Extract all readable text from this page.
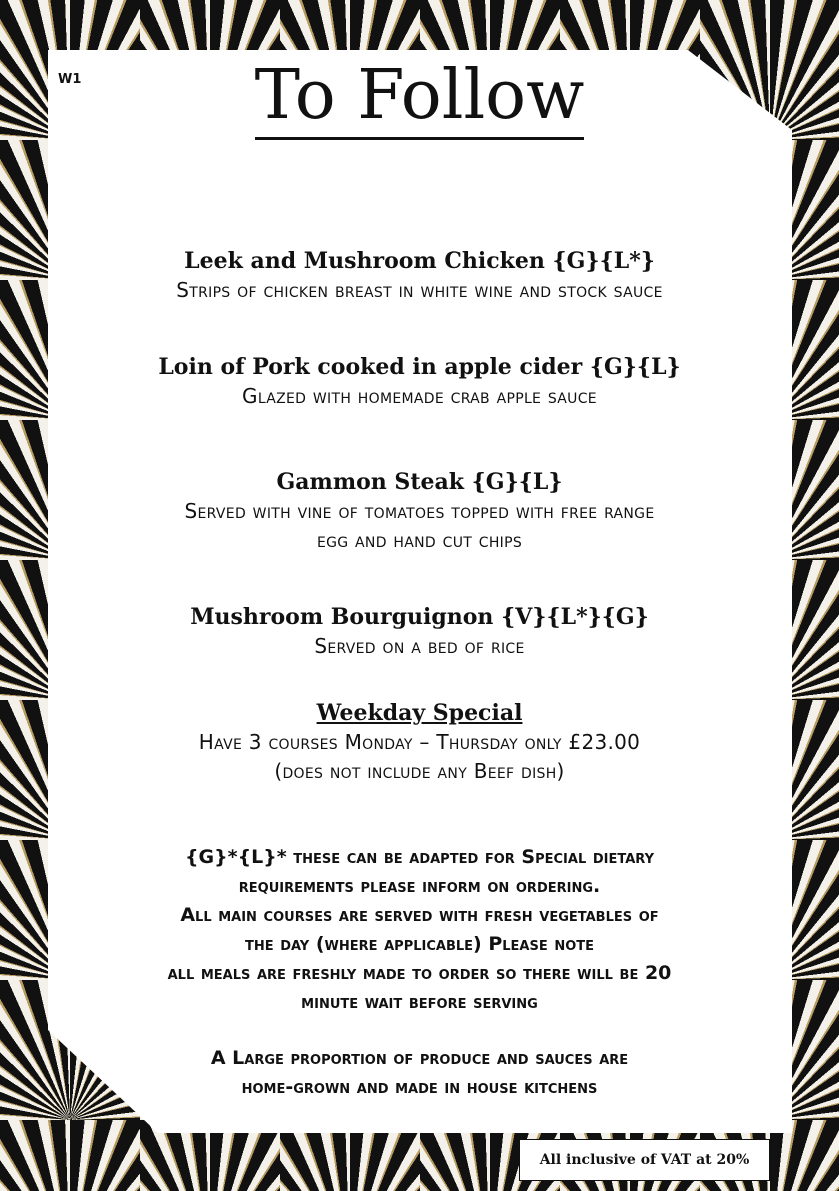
W1	To Follow
Leek and Mushroom Chicken {G}{L*}
Strips of chicken breast in white wine and stock sauce
Loin of Pork cooked in apple cider {G}{L}
Glazed with homemade crab apple sauce
Gammon Steak {G}{L}
Served with vine of tomatoes topped with free range
egg and hand cut chips
Mushroom Bourguignon {V}{L*}{G}
Served on a bed of rice
Weekday Special
Have 3 courses Monday – Thursday only £23.00
(does not include any Beef dish)

{G}*{L}* these can be adapted for Special dietary

requirements please inform on ordering.

All main courses are served with fresh vegetables of

the day (where applicable) Please note

all meals are freshly made to order so there will be 20

minute wait before serving

A Large proportion of produce and sauces are

home-grown and made in house kitchens

All inclusive of VAT at 20%
